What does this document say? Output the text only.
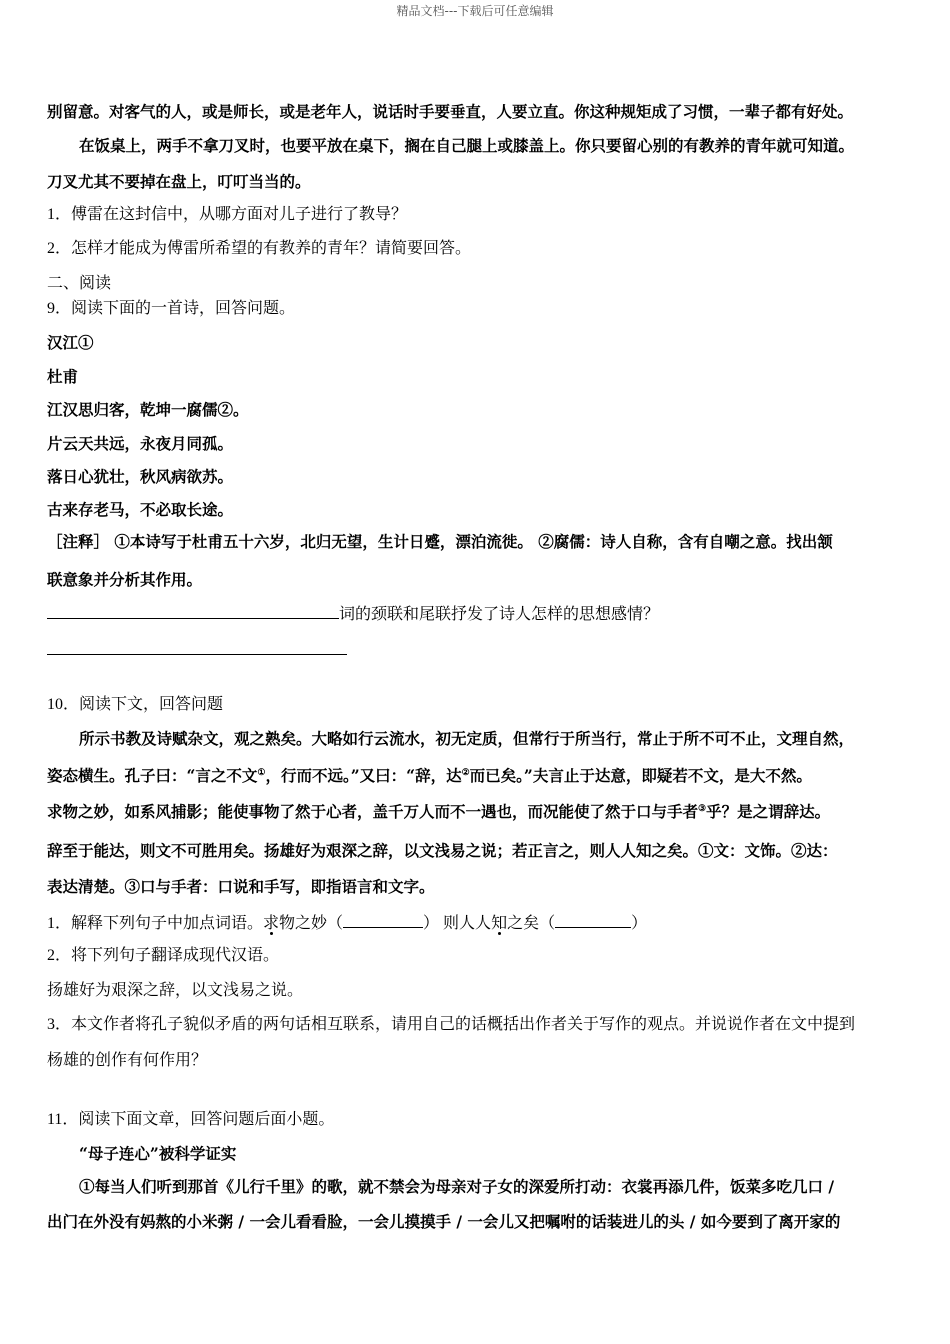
精品文档---下载后可任意编辑
别留意。对客气的人，或是师长，或是老年人，说话时手要垂直，人要立直。你这种规矩成了习惯，一辈子都有好处。
在饭桌上，两手不拿刀叉时，也要平放在桌下，搁在自己腿上或膝盖上。你只要留心别的有教养的青年就可知道。
刀叉尤其不要掉在盘上，叮叮当当的。
1．傅雷在这封信中，从哪方面对儿子进行了教导？
2．怎样才能成为傅雷所希望的有教养的青年？请简要回答。
二、阅读
9．阅读下面的一首诗，回答问题。
汉江①
杜甫
江汉思归客，乾坤一腐儒②。
片云天共远，永夜月同孤。
落日心犹壮，秋风病欲苏。
古来存老马，不必取长途。
［注释］ ①本诗写于杜甫五十六岁，北归无望，生计日蹙，漂泊流徙。 ②腐儒：诗人自称，含有自嘲之意。找出颔
联意象并分析其作用。
词的颈联和尾联抒发了诗人怎样的思想感情？
10．阅读下文，回答问题
所示书教及诗赋杂文，观之熟矣。大略如行云流水，初无定质，但常行于所当行，常止于所不可不止，文理自然，
姿态横生。孔子曰：“言之不文①，行而不远。”又曰：“辞，达②而已矣。”夫言止于达意，即疑若不文，是大不然。
求物之妙，如系风捕影；能使事物了然于心者，盖千万人而不一遇也，而况能使了然于口与手者③乎？是之谓辞达。
辞至于能达，则文不可胜用矣。扬雄好为艰深之辞，以文浅易之说；若正言之，则人人知之矣。①文：文饰。②达：
表达清楚。③口与手者：口说和手写，即指语言和文字。
1．解释下列句子中加点词语。求物之妙（	） 则人人知之矣（	）
2．将下列句子翻译成现代汉语。
扬雄好为艰深之辞，以文浅易之说。
3．本文作者将孔子貌似矛盾的两句话相互联系，请用自己的话概括出作者关于写作的观点。并说说作者在文中提到
杨雄的创作有何作用？
11．阅读下面文章，回答问题后面小题。
“母子连心”被科学证实
①每当人们听到那首《儿行千里》的歌，就不禁会为母亲对子女的深爱所打动：衣裳再添几件，饭菜多吃几口 /
出门在外没有妈熬的小米粥 / 一会儿看看脸，一会儿摸摸手 / 一会儿又把嘱咐的话装进儿的头 / 如今要到了离开家的
